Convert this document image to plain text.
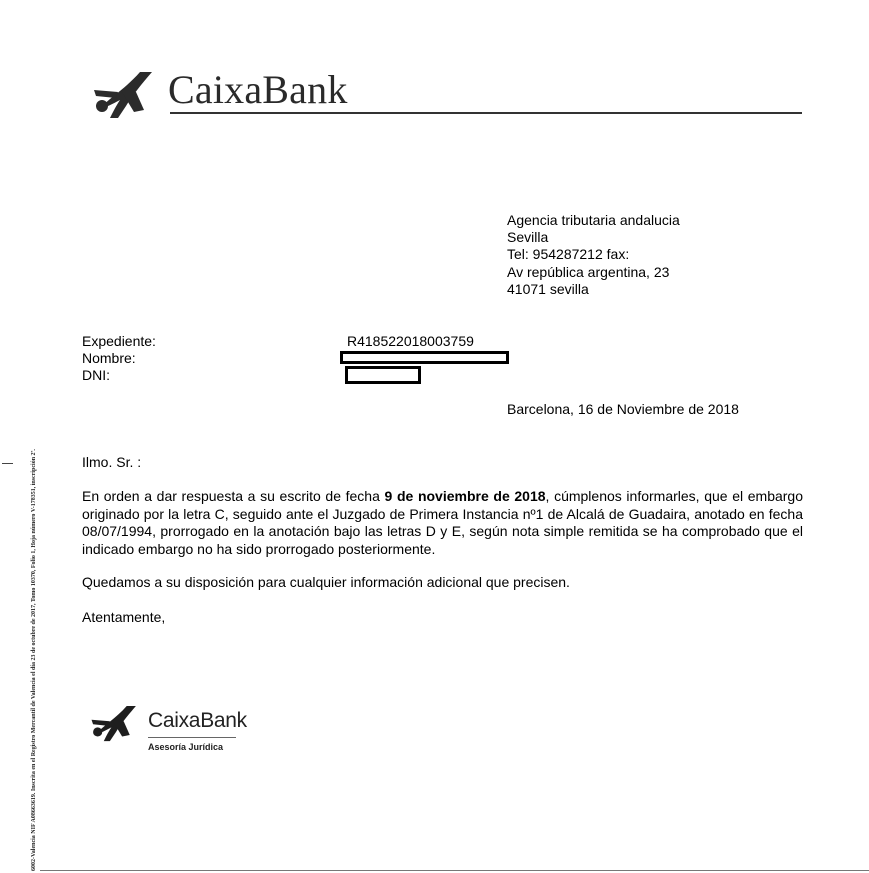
CaixaBank
Agencia tributaria andalucia
Sevilla
Tel: 954287212 fax:
Av república argentina, 23
41071 sevilla
Expediente:	R418522018003759
Nombre:
DNI:
Barcelona, 16 de Noviembre de 2018
Ilmo. Sr. :
En orden a dar respuesta a su escrito de fecha 9 de noviembre de 2018, cúmplenos informarles, que el embargo originado por la letra C, seguido ante el Juzgado de Primera Instancia nº1 de Alcalá de Guadaira, anotado en fecha 08/07/1994, prorrogado en la anotación bajo las letras D y E, según nota simple remitida se ha comprobado que el indicado embargo no ha sido prorrogado posteriormente.
Quedamos a su disposición para cualquier información adicional que precisen.
Atentamente,
CaixaBank
Asesoría Jurídica
6002-Valencia NIF A08663619. Inscrita en el Registro Mercantil de Valencia el día 23 de octubre de 2017, Tomo 10370, Folio 1, Hoja número V-178351, inscripción 2ª.
